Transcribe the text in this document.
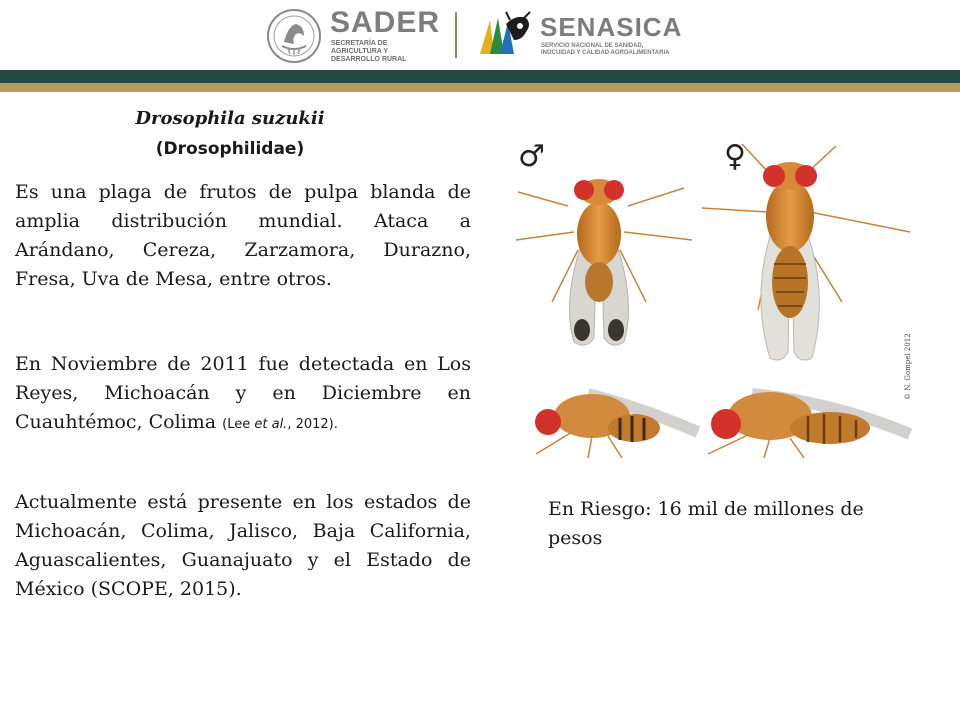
SADER
SECRETARÍA DE
AGRICULTURA Y
DESARROLLO RURAL
SENASICA
SERVICIO NACIONAL DE SANIDAD,
INOCUIDAD Y CALIDAD AGROALIMENTARIA
Drosophila suzukii
(Drosophilidae)

Es una plaga de frutos de pulpa blanda de amplia distribución mundial. Ataca a Arándano, Cereza, Zarzamora, Durazno, Fresa, Uva de Mesa, entre otros.

En Noviembre de 2011 fue detectada en Los Reyes, Michoacán y en Diciembre en Cuauhtémoc, Colima (Lee et al., 2012).

Actualmente está presente en los estados de Michoacán, Colima, Jalisco, Baja California, Aguascalientes, Guanajuato y el Estado de México (SCOPE, 2015).

♂	♀
© N. Gompel 2012

En Riesgo: 16 mil de millones de pesos
